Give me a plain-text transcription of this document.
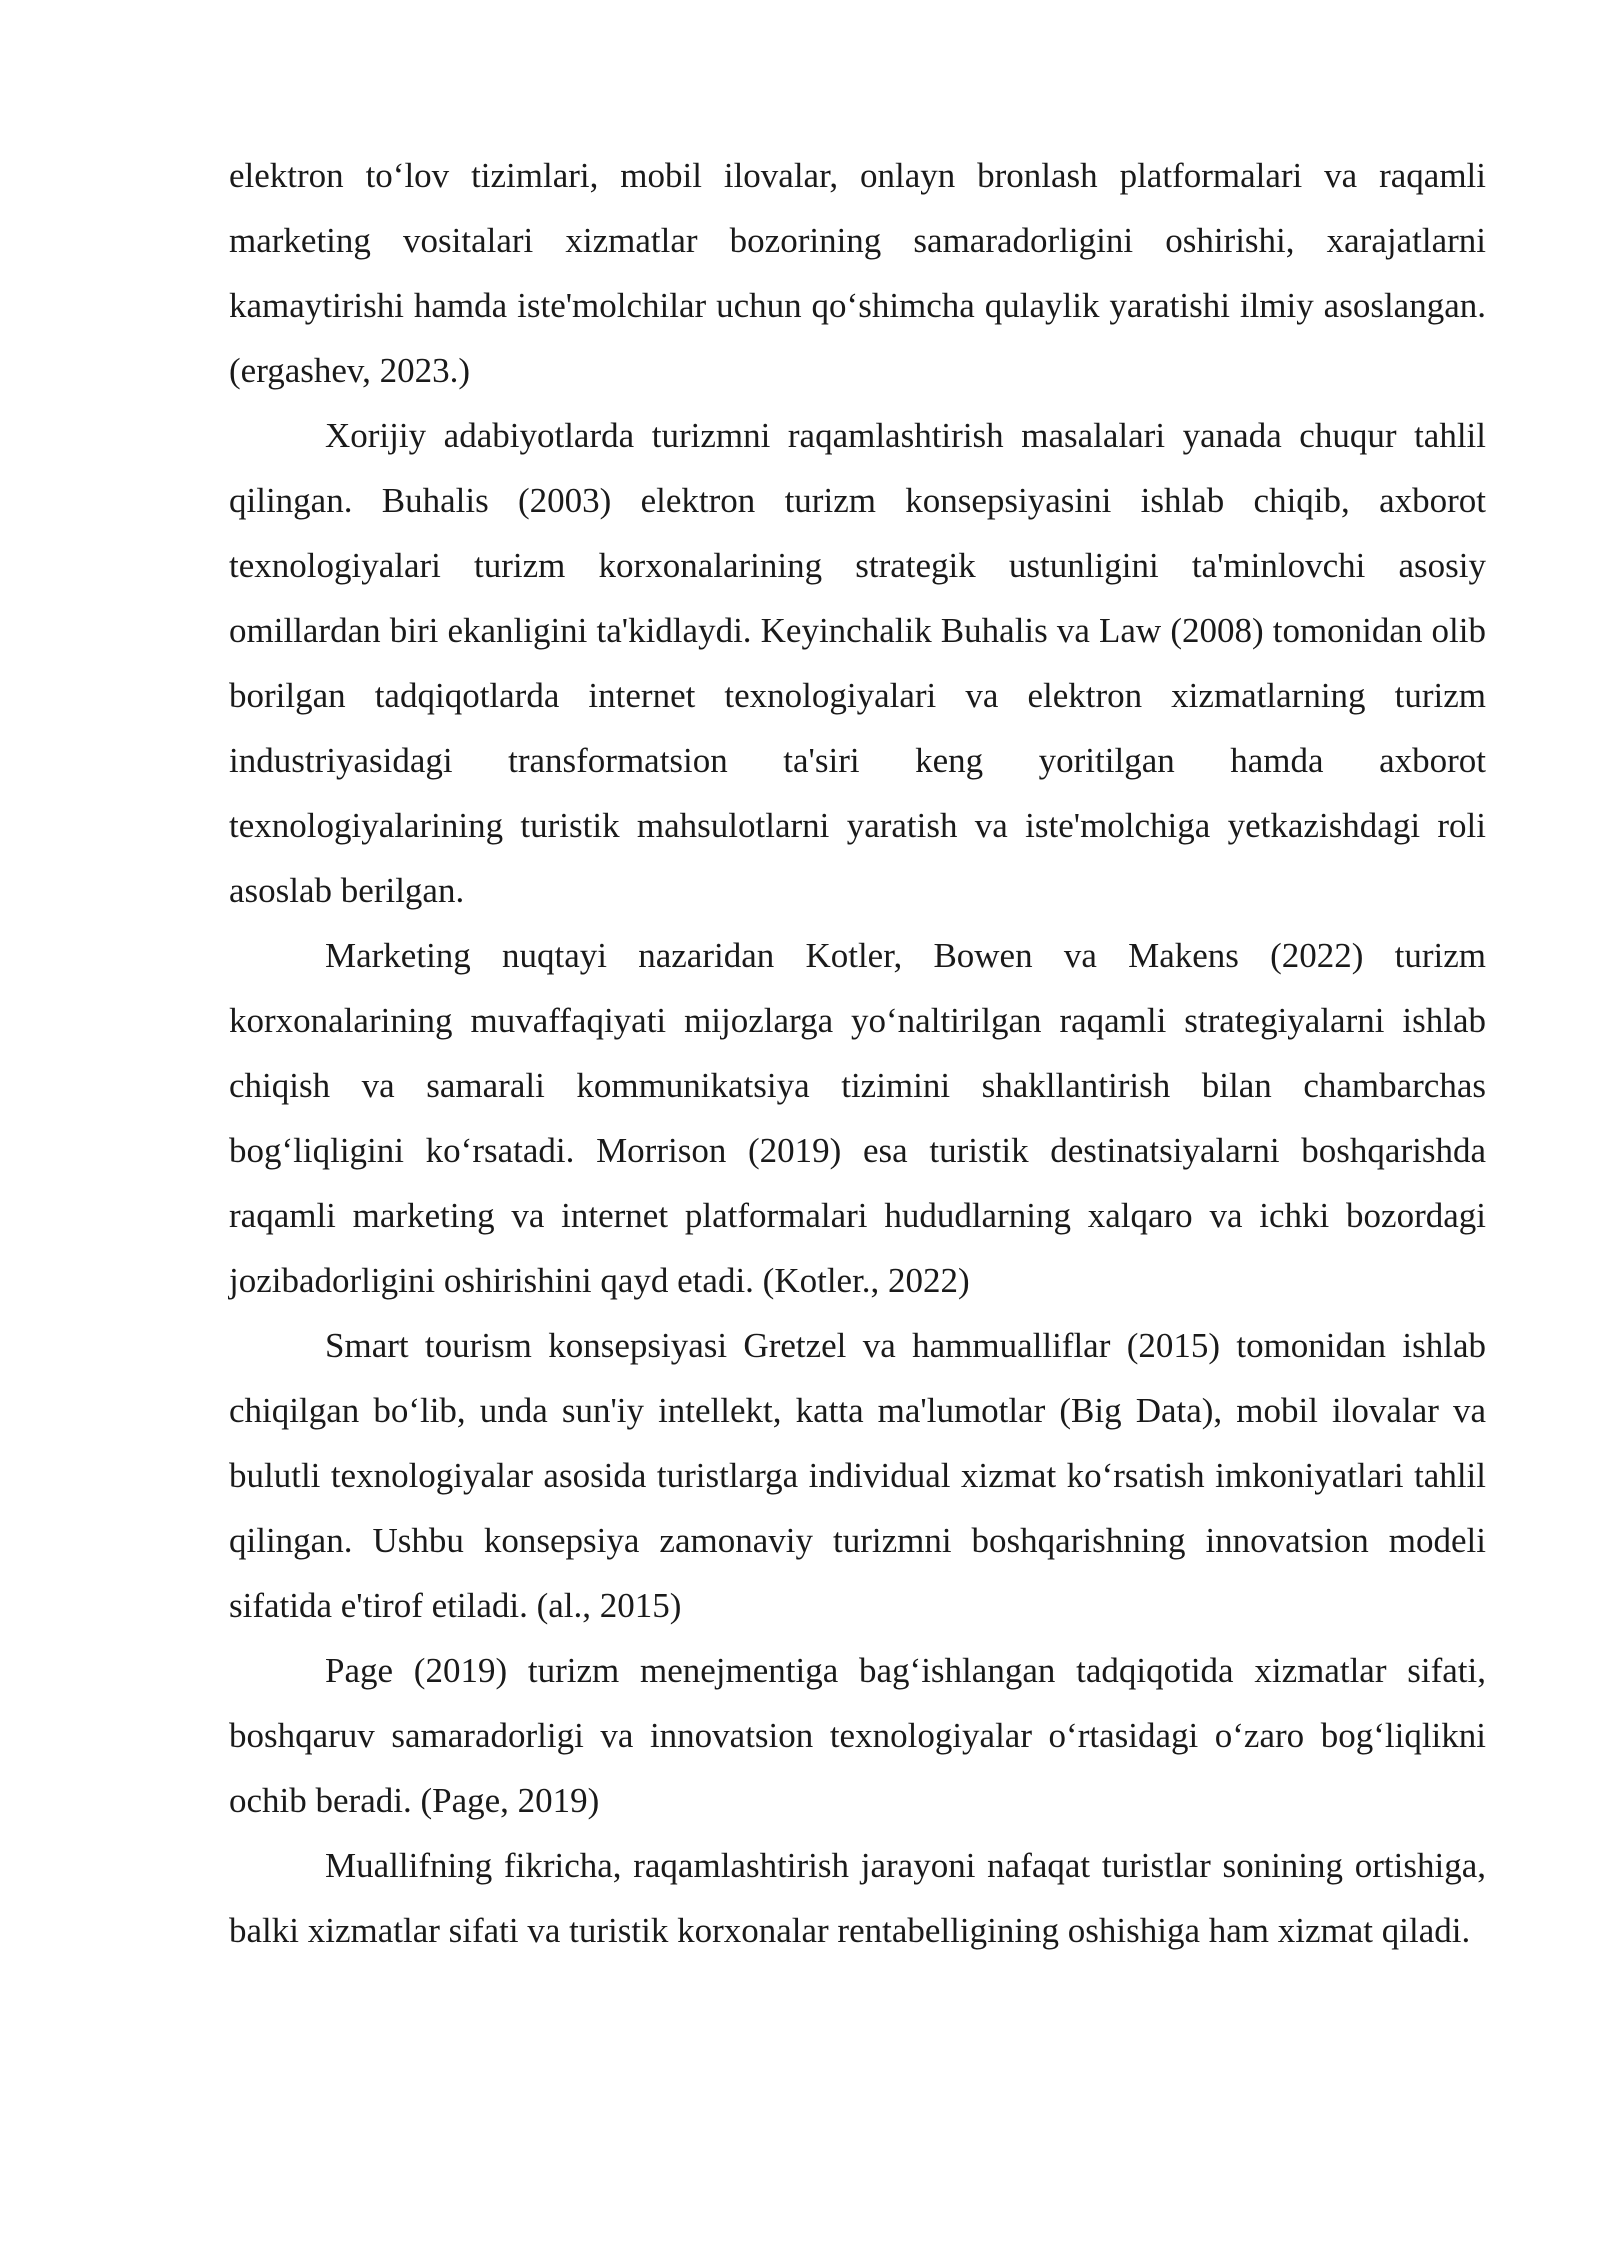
elektron to‘lov tizimlari, mobil ilovalar, onlayn bronlash platformalari va raqamli marketing vositalari xizmatlar bozorining samaradorligini oshirishi, xarajatlarni kamaytirishi hamda iste'molchilar uchun qo‘shimcha qulaylik yaratishi ilmiy asoslangan. (ergashev, 2023.)

Xorijiy adabiyotlarda turizmni raqamlashtirish masalalari yanada chuqur tahlil qilingan. Buhalis (2003) elektron turizm konsepsiyasini ishlab chiqib, axborot texnologiyalari turizm korxonalarining strategik ustunligini ta'minlovchi asosiy omillardan biri ekanligini ta'kidlaydi. Keyinchalik Buhalis va Law (2008) tomonidan olib borilgan tadqiqotlarda internet texnologiyalari va elektron xizmatlarning turizm industriyasidagi transformatsion ta'siri keng yoritilgan hamda axborot texnologiyalarining turistik mahsulotlarni yaratish va iste'molchiga yetkazishdagi roli asoslab berilgan.

Marketing nuqtayi nazaridan Kotler, Bowen va Makens (2022) turizm korxonalarining muvaffaqiyati mijozlarga yo‘naltirilgan raqamli strategiyalarni ishlab chiqish va samarali kommunikatsiya tizimini shakllantirish bilan chambarchas bog‘liqligini ko‘rsatadi. Morrison (2019) esa turistik destinatsiyalarni boshqarishda raqamli marketing va internet platformalari hududlarning xalqaro va ichki bozordagi jozibadorligini oshirishini qayd etadi. (Kotler., 2022)

Smart tourism konsepsiyasi Gretzel va hammualliflar (2015) tomonidan ishlab chiqilgan bo‘lib, unda sun'iy intellekt, katta ma'lumotlar (Big Data), mobil ilovalar va bulutli texnologiyalar asosida turistlarga individual xizmat ko‘rsatish imkoniyatlari tahlil qilingan. Ushbu konsepsiya zamonaviy turizmni boshqarishning innovatsion modeli sifatida e'tirof etiladi. (al., 2015)

Page (2019) turizm menejmentiga bag‘ishlangan tadqiqotida xizmatlar sifati, boshqaruv samaradorligi va innovatsion texnologiyalar o‘rtasidagi o‘zaro bog‘liqlikni ochib beradi. (Page, 2019)

Muallifning fikricha, raqamlashtirish jarayoni nafaqat turistlar sonining ortishiga, balki xizmatlar sifati va turistik korxonalar rentabelligining oshishiga ham xizmat qiladi.
